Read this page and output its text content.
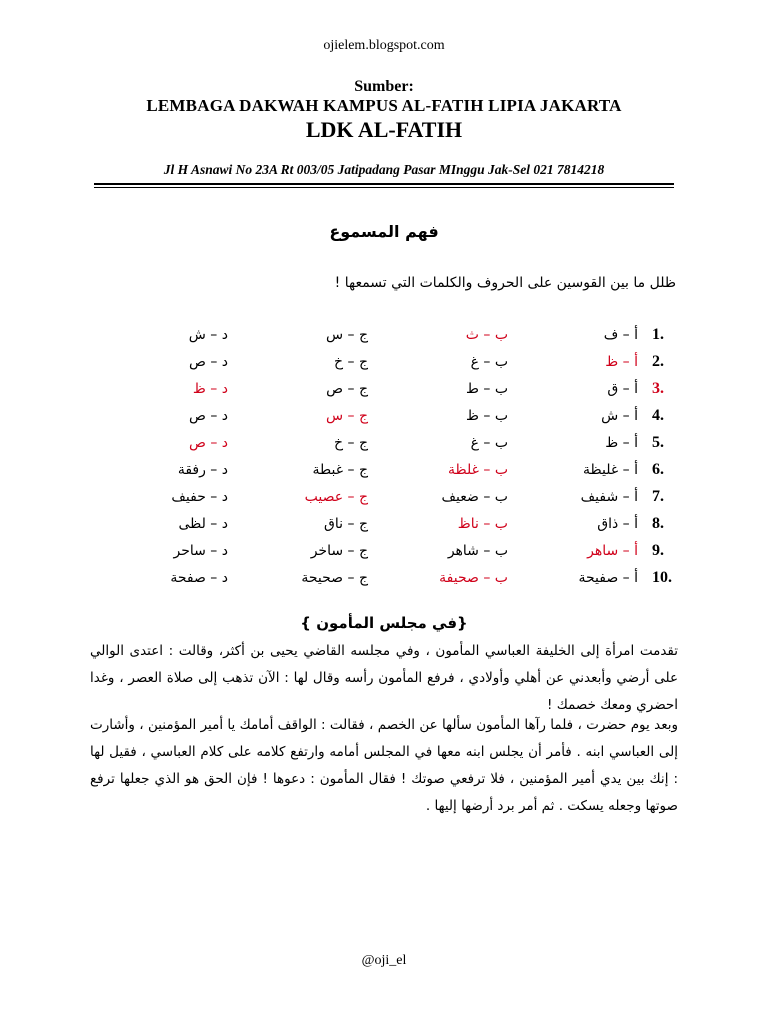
ojielem.blogspot.com
Sumber:
LEMBAGA DAKWAH KAMPUS AL-FATIH LIPIA JAKARTA
LDK AL-FATIH
Jl H Asnawi No 23A Rt 003/05 Jatipadang Pasar MInggu Jak-Sel 021 7814218
فهم المسموع
ظلل ما بين القوسين على الحروف والكلمات التي تسمعها !
1.
أ – ف
ب – ث
ج – س
د – ش
2.
أ – ظ
ب – غ
ج – خ
د – ص
3.
أ – ق
ب – ط
ج – ص
د – ظ
4.
أ – ش
ب – ظ
ج – س
د – ص
5.
أ – ظ
ب – غ
ج – خ
د – ص
6.
أ – غليظة
ب – غلظة
ج – غبطة
د – رفقة
7.
أ – شفيف
ب – ضعيف
ج – عصيب
د – حفيف
8.
أ – ذاق
ب – ناظ
ج – ناق
د – لظى
9.
أ – ساهر
ب – شاهر
ج – ساخر
د – ساحر
10.
أ – صفيحة
ب – صحيفة
ج – صحيحة
د – صفحة
{في مجلس المأمون }
تقدمت امرأة إلى الخليفة العباسي المأمون ، وفي مجلسه القاضي يحيى بن أكثر، وقالت : اعتدى الوالي على أرضي وأبعدني عن أهلي وأولادي ، فرفع المأمون رأسه وقال لها : الآن تذهب إلى صلاة العصر ، وغدا احضري ومعك خصمك !
وبعد يوم حضرت ، فلما رآها المأمون سألها عن الخصم ، فقالت : الواقف أمامك يا أمير المؤمنين ، وأشارت إلى العباسي ابنه . فأمر أن يجلس ابنه معها في المجلس أمامه وارتفع كلامه على كلام العباسي ، فقيل لها : إنك بين يدي أمير المؤمنين ، فلا ترفعي صوتك ! فقال المأمون : دعوها ! فإن الحق هو الذي جعلها ترفع صوتها وجعله يسكت . ثم أمر برد أرضها إليها .
@oji_el
